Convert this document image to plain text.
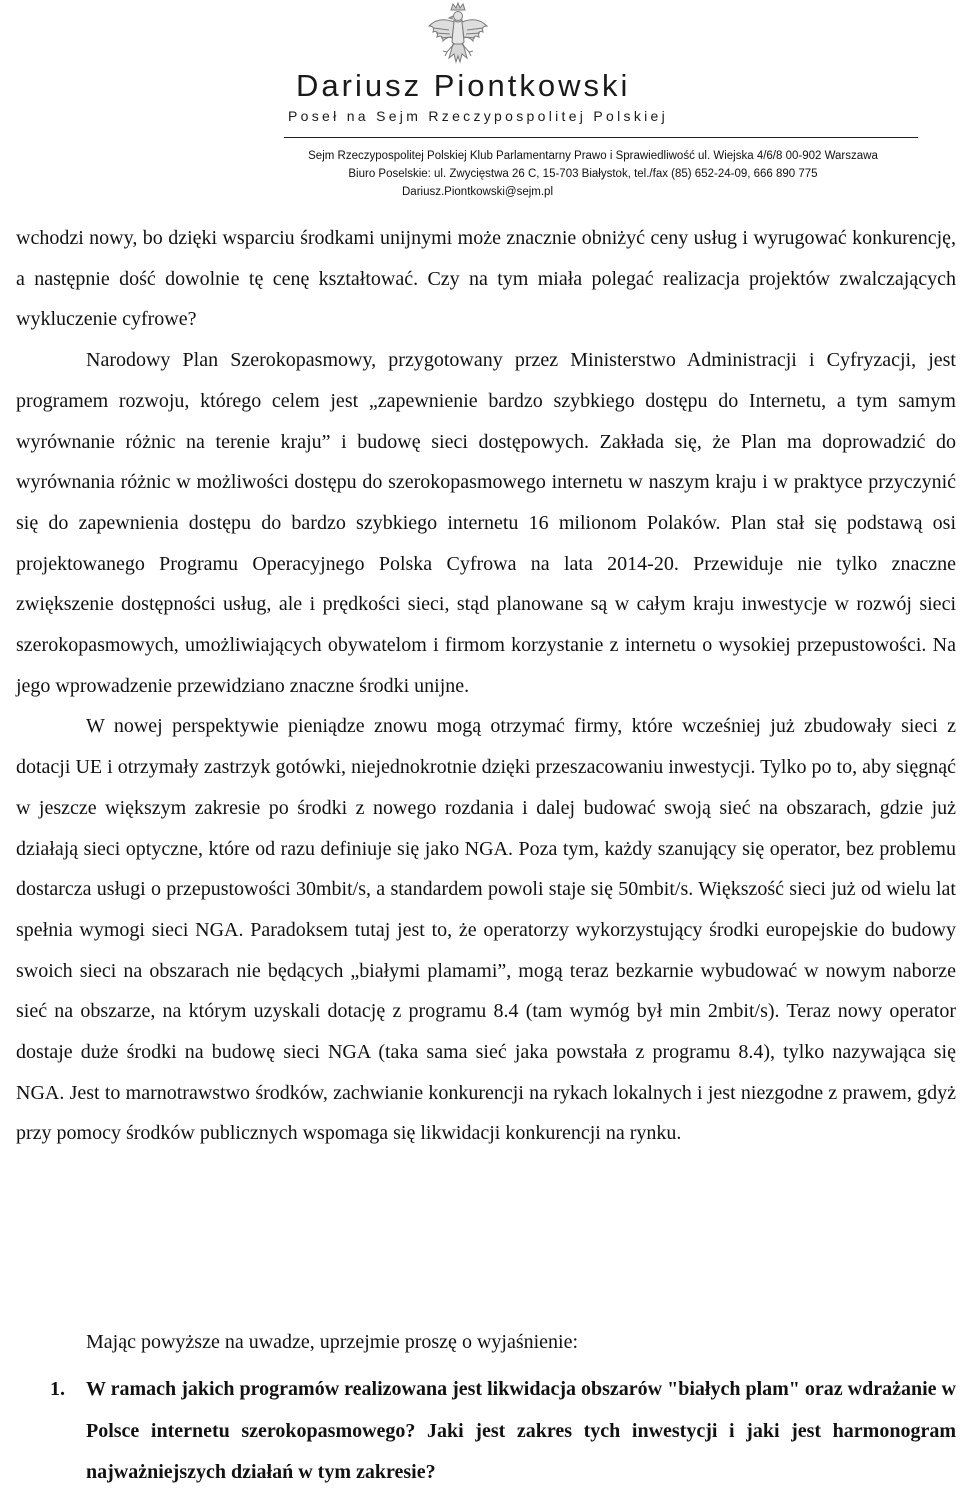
Dariusz Piontkowski
Poseł na Sejm Rzeczypospolitej Polskiej
Sejm Rzeczypospolitej Polskiej Klub Parlamentarny Prawo i Sprawiedliwość ul. Wiejska 4/6/8 00-902 Warszawa
Biuro Poselskie: ul. Zwycięstwa 26 C, 15-703 Białystok, tel./fax (85) 652-24-09, 666 890 775
Dariusz.Piontkowski@sejm.pl

wchodzi nowy, bo dzięki wsparciu środkami unijnymi może znacznie obniżyć ceny usług i wyrugować konkurencję, a następnie dość dowolnie tę cenę kształtować. Czy na tym miała polegać realizacja projektów zwalczających wykluczenie cyfrowe?

Narodowy Plan Szerokopasmowy, przygotowany przez Ministerstwo Administracji i Cyfryzacji, jest programem rozwoju, którego celem jest „zapewnienie bardzo szybkiego dostępu do Internetu, a tym samym wyrównanie różnic na terenie kraju” i budowę sieci dostępowych. Zakłada się, że Plan ma doprowadzić do wyrównania różnic w możliwości dostępu do szerokopasmowego internetu w naszym kraju i w praktyce przyczynić się do zapewnienia dostępu do bardzo szybkiego internetu 16 milionom Polaków. Plan stał się podstawą osi projektowanego Programu Operacyjnego Polska Cyfrowa na lata 2014-20. Przewiduje nie tylko znaczne zwiększenie dostępności usług, ale i prędkości sieci, stąd planowane są w całym kraju inwestycje w rozwój sieci szerokopasmowych, umożliwiających obywatelom i firmom korzystanie z internetu o wysokiej przepustowości. Na jego wprowadzenie przewidziano znaczne środki unijne.

W nowej perspektywie pieniądze znowu mogą otrzymać firmy, które wcześniej już zbudowały sieci z dotacji UE i otrzymały zastrzyk gotówki, niejednokrotnie dzięki przeszacowaniu inwestycji. Tylko po to, aby sięgnąć w jeszcze większym zakresie po środki z nowego rozdania i dalej budować swoją sieć na obszarach, gdzie już działają sieci optyczne, które od razu definiuje się jako NGA. Poza tym, każdy szanujący się operator, bez problemu dostarcza usługi o przepustowości 30mbit/s, a standardem powoli staje się 50mbit/s. Większość sieci już od wielu lat spełnia wymogi sieci NGA. Paradoksem tutaj jest to, że operatorzy wykorzystujący środki europejskie do budowy swoich sieci na obszarach nie będących „białymi plamami”, mogą teraz bezkarnie wybudować w nowym naborze sieć na obszarze, na którym uzyskali dotację z programu 8.4 (tam wymóg był min 2mbit/s). Teraz nowy operator dostaje duże środki na budowę sieci NGA (taka sama sieć jaka powstała z programu 8.4), tylko nazywająca się NGA. Jest to marnotrawstwo środków, zachwianie konkurencji na rykach lokalnych i jest niezgodne z prawem, gdyż przy pomocy środków publicznych wspomaga się likwidacji konkurencji na rynku.

Mając powyższe na uwadze, uprzejmie proszę o wyjaśnienie:
1. W ramach jakich programów realizowana jest likwidacja obszarów "białych plam" oraz wdrażanie w Polsce internetu szerokopasmowego? Jaki jest zakres tych inwestycji i jaki jest harmonogram najważniejszych działań w tym zakresie?
